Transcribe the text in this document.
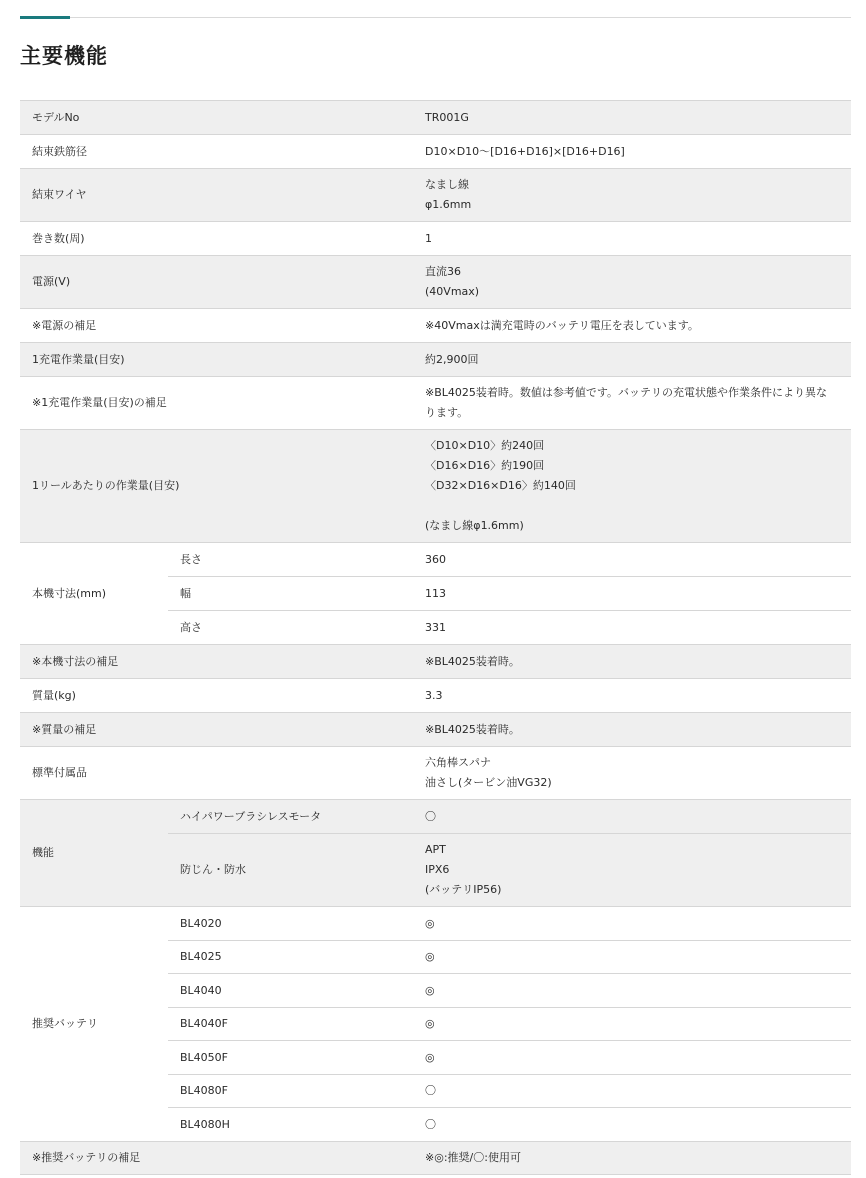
主要機能
モデルNo		TR001G
結束鉄筋径		D10×D10～[D16+D16]×[D16+D16]
結束ワイヤ		なまし線
φ1.6mm

巻き数(周)		1
電源(V)		直流36
(40Vmax)

※電源の補足		※40Vmaxは満充電時のバッテリ電圧を表しています。
1充電作業量(目安)		約2,900回
※1充電作業量(目安)の補足		※BL4025装着時。数値は参考値です。バッテリの充電状態や作業条件により異な
ります。

1リールあたりの作業量(目安)		〈D10×D10〉約240回
〈D16×D16〉約190回
〈D32×D16×D16〉約140回
(なまし線φ1.6mm)

本機寸法(mm)	長さ	360
	幅	113
	高さ	331
※本機寸法の補足		※BL4025装着時。
質量(kg)		3.3
※質量の補足		※BL4025装着時。
標準付属品		六角棒スパナ
油さし(タービン油VG32)

機能	ハイパワーブラシレスモータ	〇
	防じん・防水	APT
IPX6
(バッテリIP56)

推奨バッテリ	BL4020	◎
	BL4025	◎
	BL4040	◎
	BL4040F	◎
	BL4050F	◎
	BL4080F	〇
	BL4080H	〇
※推奨バッテリの補足		※◎:推奨/〇:使用可
